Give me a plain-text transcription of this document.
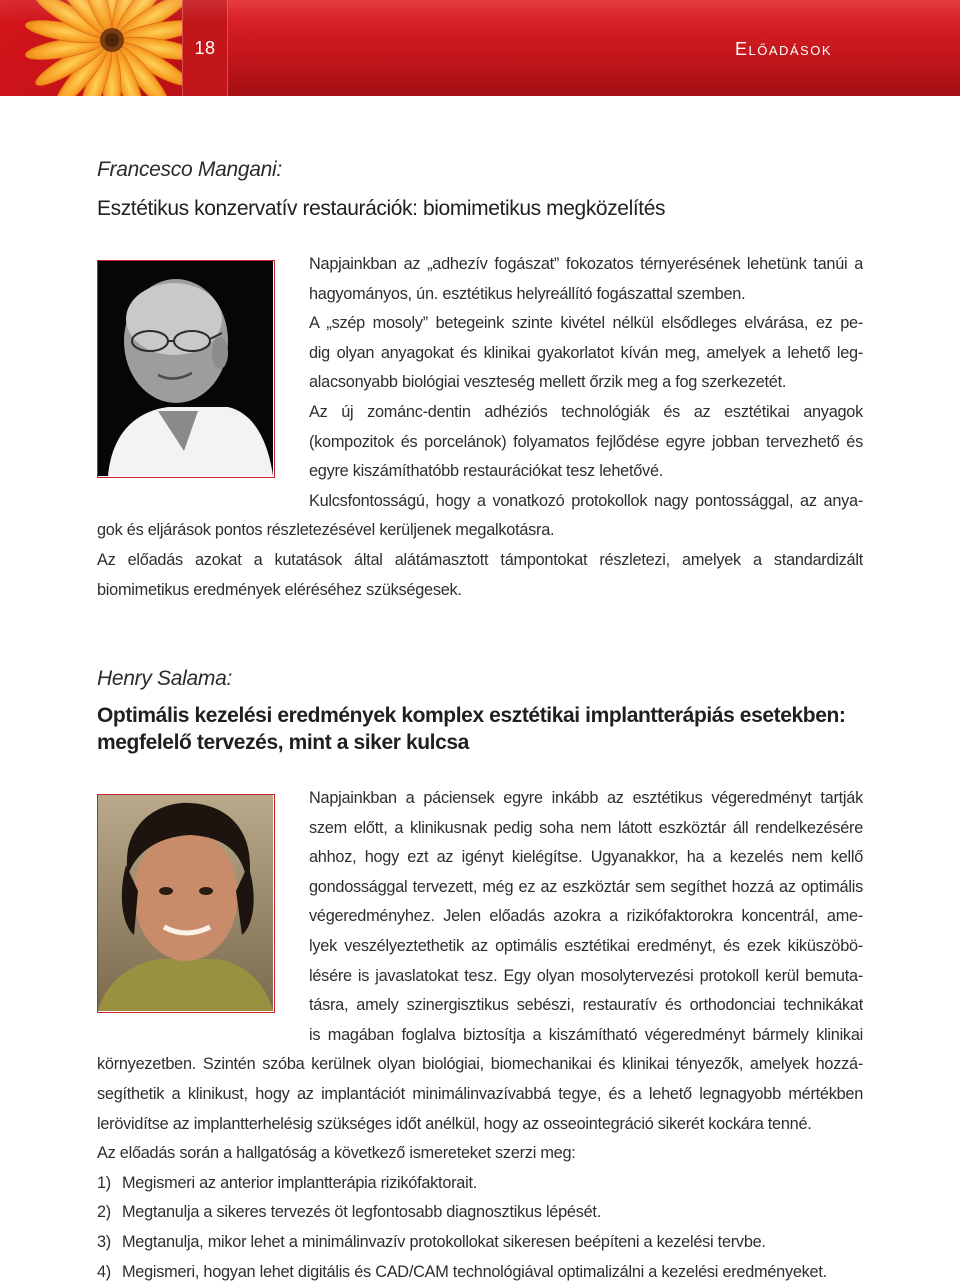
18	Előadások
Francesco Mangani:
Esztétikus konzervatív restaurációk: biomimetikus megközelítés
Napjainkban az „adhezív fogászat” fokozatos térnyerésének lehetünk tanúi a
hagyományos, ún. esztétikus helyreállító fogászattal szemben.
A „szép mosoly” betegeink szinte kivétel nélkül elsődleges elvárása, ez pe-
dig olyan anyagokat és klinikai gyakorlatot kíván meg, amelyek a lehető leg-
alacsonyabb biológiai veszteség mellett őrzik meg a fog szerkezetét.
Az új zománc-dentin adhéziós technológiák és az esztétikai anyagok
(kompozitok és porcelánok) folyamatos fejlődése egyre jobban tervezhető és
egyre kiszámíthatóbb restaurációkat tesz lehetővé.
Kulcsfontosságú, hogy a vonatkozó protokollok nagy pontossággal, az anya-
gok és eljárások pontos részletezésével kerüljenek megalkotásra.
Az előadás azokat a kutatások által alátámasztott támpontokat részletezi, amelyek a standardizált
biomimetikus eredmények eléréséhez szükségesek.
Henry Salama:
Optimális kezelési eredmények komplex esztétikai implantterápiás esetekben:
megfelelő tervezés, mint a siker kulcsa
Napjainkban a páciensek egyre inkább az esztétikus végeredményt tartják
szem előtt, a klinikusnak pedig soha nem látott eszköztár áll rendelkezésére
ahhoz, hogy ezt az igényt kielégítse. Ugyanakkor, ha a kezelés nem kellő
gondossággal tervezett, még ez az eszköztár sem segíthet hozzá az optimális
végeredményhez. Jelen előadás azokra a rizikófaktorokra koncentrál, ame-
lyek veszélyeztethetik az optimális esztétikai eredményt, és ezek kiküszöbö-
lésére is javaslatokat tesz. Egy olyan mosolytervezési protokoll kerül bemuta-
tásra, amely szinergisztikus sebészi, restauratív és orthodonciai technikákat
is magában foglalva biztosítja a kiszámítható végeredményt bármely klinikai
környezetben. Szintén szóba kerülnek olyan biológiai, biomechanikai és klinikai tényezők, amelyek hozzá-
segíthetik a klinikust, hogy az implantációt minimálinvazívabbá tegye, és a lehető legnagyobb mértékben
lerövidítse az implantterhelésig szükséges időt anélkül, hogy az osseointegráció sikerét kockára tenné.
Az előadás során a hallgatóság a következő ismereteket szerzi meg:
1) Megismeri az anterior implantterápia rizikófaktorait.
2) Megtanulja a sikeres tervezés öt legfontosabb diagnosztikus lépését.
3) Megtanulja, mikor lehet a minimálinvazív protokollokat sikeresen beépíteni a kezelési tervbe.
4) Megismeri, hogyan lehet digitális és CAD/CAM technológiával optimalizálni a kezelési eredményeket.
